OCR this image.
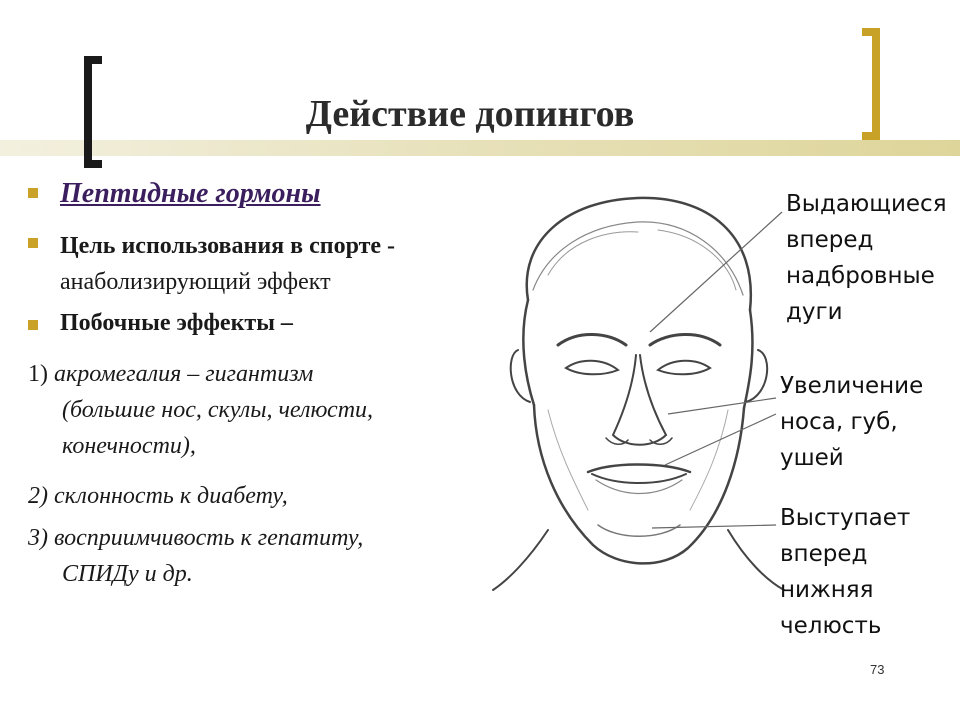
Действие допингов
Пептидные гормоны
Цель использования в спорте -
анаболизирующий эффект
Побочные эффекты –
1) акромегалия – гигантизм
(большие нос, скулы, челюсти,
конечности),
2) склонность к диабету,
3) восприимчивость к гепатиту,
СПИДу и др.
Выдающиеся
вперед
надбровные
дуги
Увеличение
носа, губ, ушей
Выступает
вперед нижняя
челюсть
73
